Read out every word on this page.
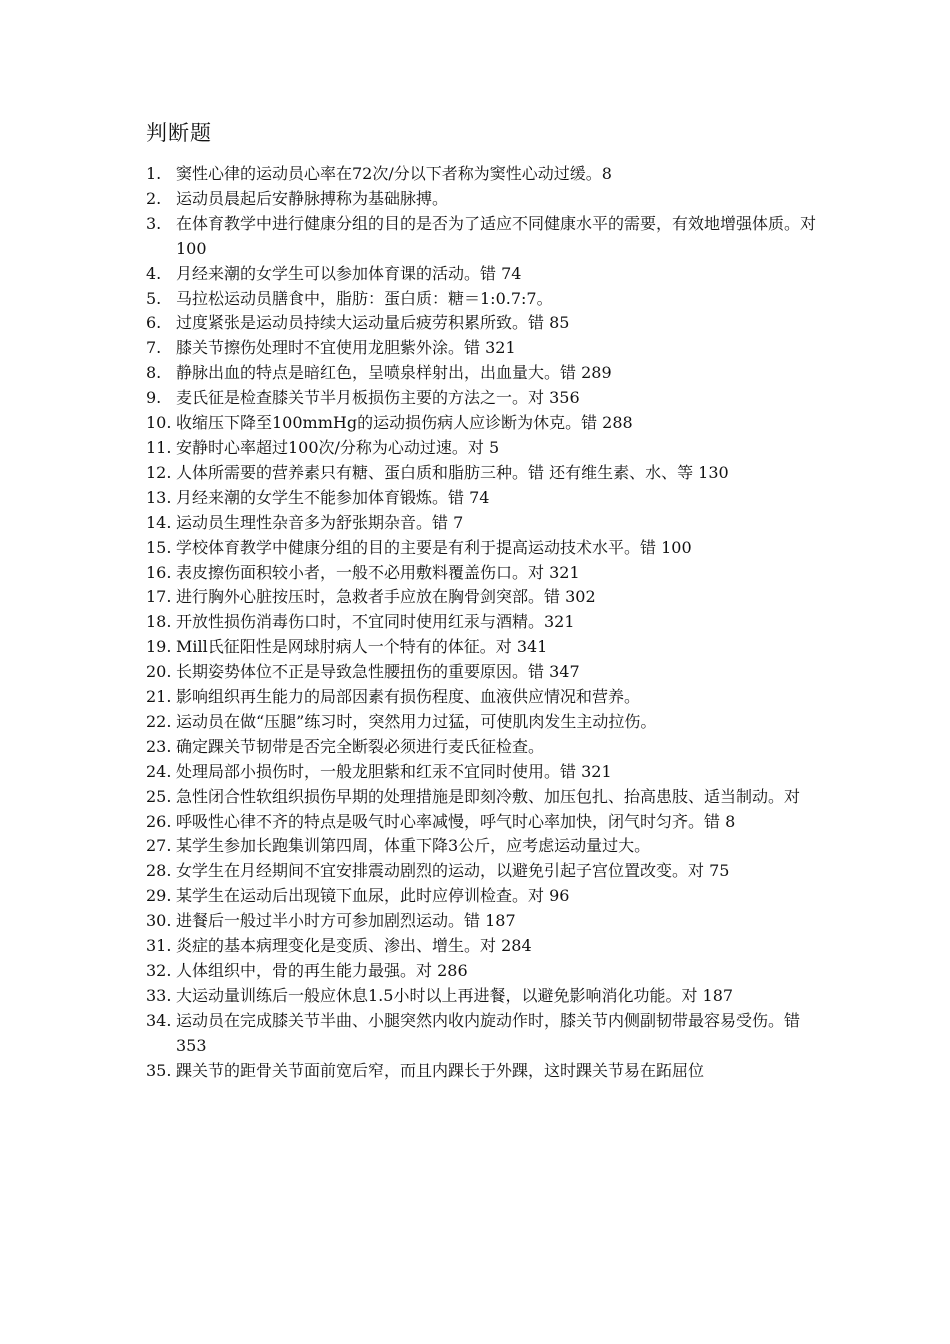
判断题
1. 窦性心律的运动员心率在72次/分以下者称为窦性心动过缓。8
2. 运动员晨起后安静脉搏称为基础脉搏。
3. 在体育教学中进行健康分组的目的是否为了适应不同健康水平的需要，有效地增强体质。对　100
4. 月经来潮的女学生可以参加体育课的活动。错 74
5. 马拉松运动员膳食中，脂肪：蛋白质：糖＝1:0.7:7。
6. 过度紧张是运动员持续大运动量后疲劳积累所致。错 85
7. 膝关节擦伤处理时不宜使用龙胆紫外涂。错 321
8. 静脉出血的特点是暗红色，呈喷泉样射出，出血量大。错 289
9. 麦氏征是检查膝关节半月板损伤主要的方法之一。对 356
10. 收缩压下降至100mmHg的运动损伤病人应诊断为休克。错 288
11. 安静时心率超过100次/分称为心动过速。对 5
12. 人体所需要的营养素只有糖、蛋白质和脂肪三种。错 还有维生素、水、等 130
13. 月经来潮的女学生不能参加体育锻炼。错 74
14. 运动员生理性杂音多为舒张期杂音。错 7
15. 学校体育教学中健康分组的目的主要是有利于提高运动技术水平。错 100
16. 表皮擦伤面积较小者，一般不必用敷料覆盖伤口。对 321
17. 进行胸外心脏按压时，急救者手应放在胸骨剑突部。错 302
18. 开放性损伤消毒伤口时，不宜同时使用红汞与酒精。321
19. Mill氏征阳性是网球肘病人一个特有的体征。对 341
20. 长期姿势体位不正是导致急性腰扭伤的重要原因。错 347
21. 影响组织再生能力的局部因素有损伤程度、血液供应情况和营养。
22. 运动员在做“压腿”练习时，突然用力过猛，可使肌肉发生主动拉伤。
23. 确定踝关节韧带是否完全断裂必须进行麦氏征检查。
24. 处理局部小损伤时，一般龙胆紫和红汞不宜同时使用。错 321
25. 急性闭合性软组织损伤早期的处理措施是即刻冷敷、加压包扎、抬高患肢、适当制动。对
26. 呼吸性心律不齐的特点是吸气时心率减慢，呼气时心率加快，闭气时匀齐。错 8
27. 某学生参加长跑集训第四周，体重下降3公斤，应考虑运动量过大。
28. 女学生在月经期间不宜安排震动剧烈的运动，以避免引起子宫位置改变。对 75
29. 某学生在运动后出现镜下血尿，此时应停训检查。对 96
30. 进餐后一般过半小时方可参加剧烈运动。错 187
31. 炎症的基本病理变化是变质、渗出、增生。对 284
32. 人体组织中，骨的再生能力最强。对 286
33. 大运动量训练后一般应休息1.5小时以上再进餐，以避免影响消化功能。对 187
34. 运动员在完成膝关节半曲、小腿突然内收内旋动作时，膝关节内侧副韧带最容易受伤。错　353
35. 踝关节的距骨关节面前宽后窄，而且内踝长于外踝，这时踝关节易在跖屈位
